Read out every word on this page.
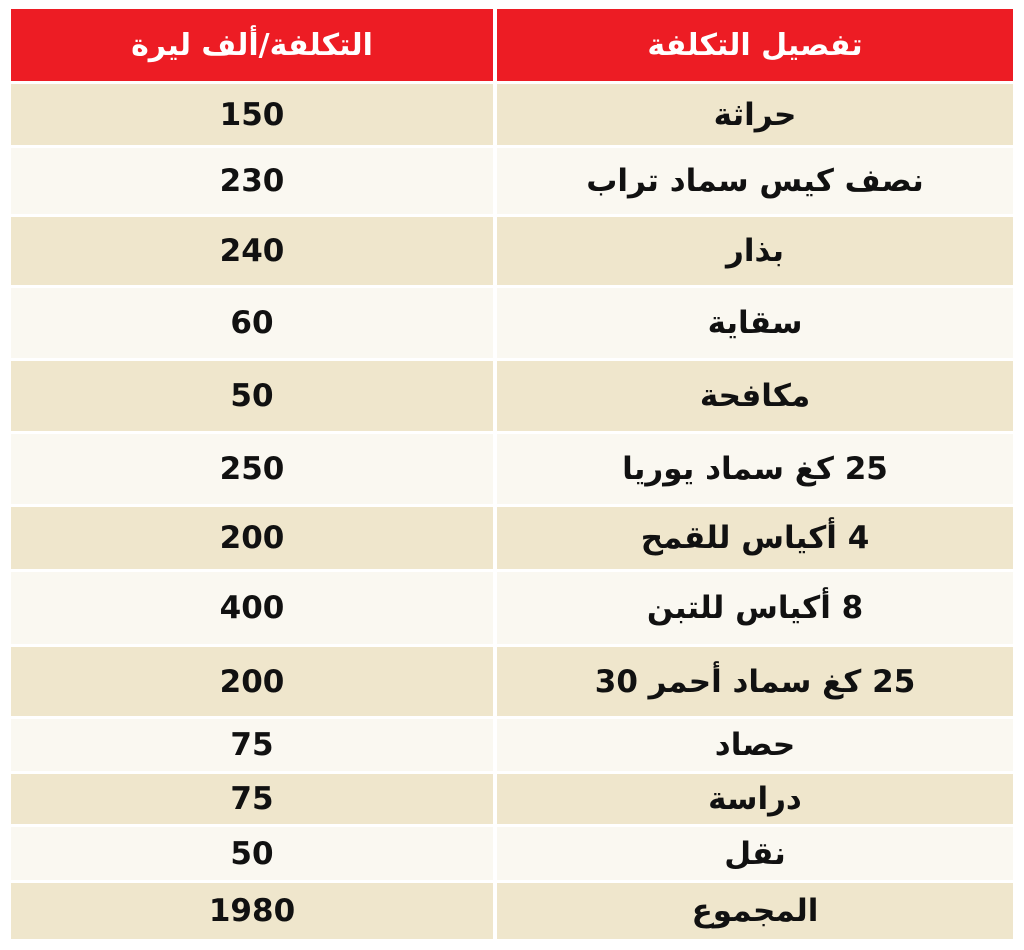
التكلفة/ألف ليرة	تفصيل التكلفة
150	حراثة
230	نصف كيس سماد تراب
240	بذار
60	سقاية
50	مكافحة
250	25 كغ سماد يوريا
200	4 أكياس للقمح
400	8 أكياس للتبن
200	25 كغ سماد أحمر 30
75	حصاد
75	دراسة
50	نقل
1980	المجموع
